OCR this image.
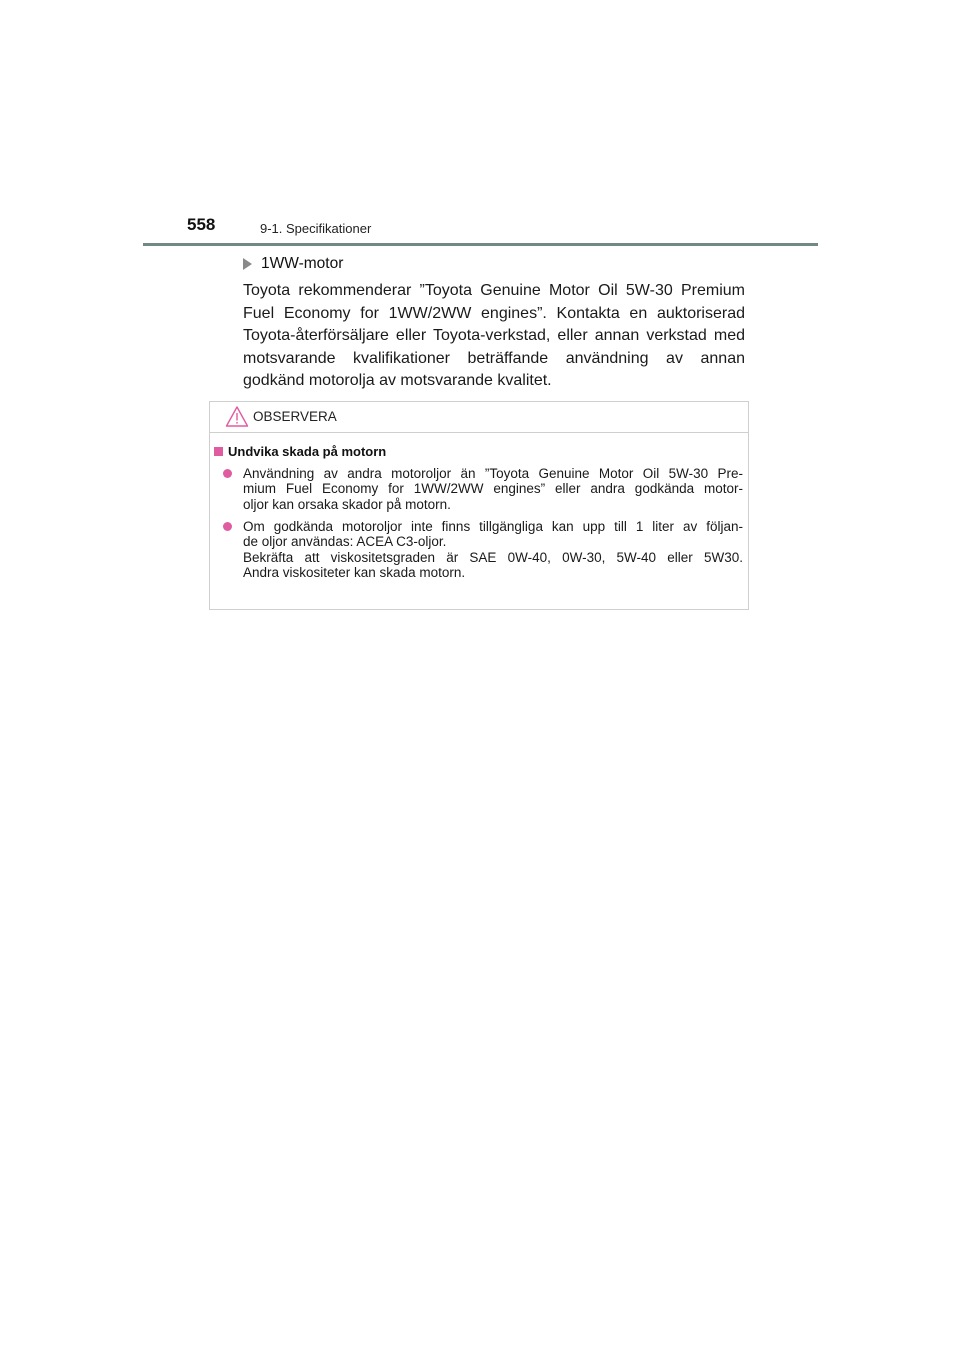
558	9-1. Specifikationer
1WW-motor
Toyota rekommenderar ”Toyota Genuine Motor Oil 5W-30 Premium Fuel Economy for 1WW/2WW engines”. Kontakta en auktoriserad Toyota-återförsäljare eller Toyota-verkstad, eller annan verkstad med motsvarande kvalifikationer beträffande användning av annan godkänd motorolja av motsvarande kvalitet.
OBSERVERA
Undvika skada på motorn
Användning av andra motoroljor än ”Toyota Genuine Motor Oil 5W-30 Pre-
mium Fuel Economy for 1WW/2WW engines” eller andra godkända motor-
oljor kan orsaka skador på motorn.
Om godkända motoroljor inte finns tillgängliga kan upp till 1 liter av följan-
de oljor användas: ACEA C3-oljor.
Bekräfta att viskositetsgraden är SAE 0W-40, 0W-30, 5W-40 eller 5W30.
Andra viskositeter kan skada motorn.
